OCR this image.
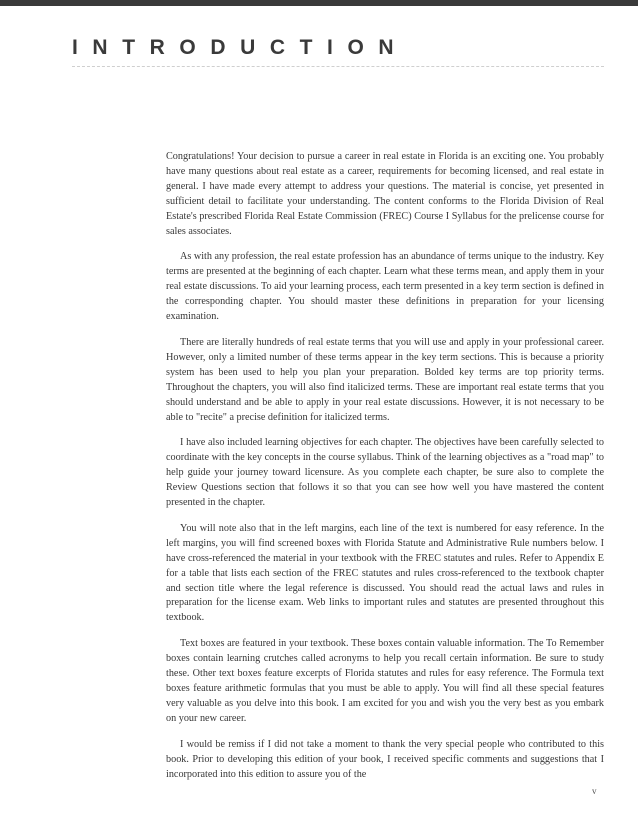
INTRODUCTION

Congratulations! Your decision to pursue a career in real estate in Florida is an exciting one. You probably have many questions about real estate as a career, requirements for becoming licensed, and real estate in general. I have made every attempt to address your questions. The material is concise, yet presented in sufficient detail to facilitate your understanding. The content conforms to the Florida Division of Real Estate's prescribed Florida Real Estate Commission (FREC) Course I Syllabus for the prelicense course for sales associates.

As with any profession, the real estate profession has an abundance of terms unique to the industry. Key terms are presented at the beginning of each chapter. Learn what these terms mean, and apply them in your real estate discussions. To aid your learning process, each term presented in a key term section is defined in the corresponding chapter. You should master these definitions in preparation for your licensing examination.

There are literally hundreds of real estate terms that you will use and apply in your professional career. However, only a limited number of these terms appear in the key term sections. This is because a priority system has been used to help you plan your preparation. Bolded key terms are top priority terms. Throughout the chapters, you will also find italicized terms. These are important real estate terms that you should understand and be able to apply in your real estate discussions. However, it is not necessary to be able to "recite" a precise definition for italicized terms.

I have also included learning objectives for each chapter. The objectives have been carefully selected to coordinate with the key concepts in the course syllabus. Think of the learning objectives as a "road map" to help guide your journey toward licensure. As you complete each chapter, be sure also to complete the Review Questions section that follows it so that you can see how well you have mastered the content presented in the chapter.

You will note also that in the left margins, each line of the text is numbered for easy reference. In the left margins, you will find screened boxes with Florida Statute and Administrative Rule numbers below. I have cross-referenced the material in your textbook with the FREC statutes and rules. Refer to Appendix E for a table that lists each section of the FREC statutes and rules cross-referenced to the textbook chapter and section title where the legal reference is discussed. You should read the actual laws and rules in preparation for the license exam. Web links to important rules and statutes are presented throughout this textbook.

Text boxes are featured in your textbook. These boxes contain valuable information. The To Remember boxes contain learning crutches called acronyms to help you recall certain information. Be sure to study these. Other text boxes feature excerpts of Florida statutes and rules for easy reference. The Formula text boxes feature arithmetic formulas that you must be able to apply. You will find all these special features very valuable as you delve into this book. I am excited for you and wish you the very best as you embark on your new career.

I would be remiss if I did not take a moment to thank the very special people who contributed to this book. Prior to developing this edition of your book, I received specific comments and suggestions that I incorporated into this edition to assure you of the

v
